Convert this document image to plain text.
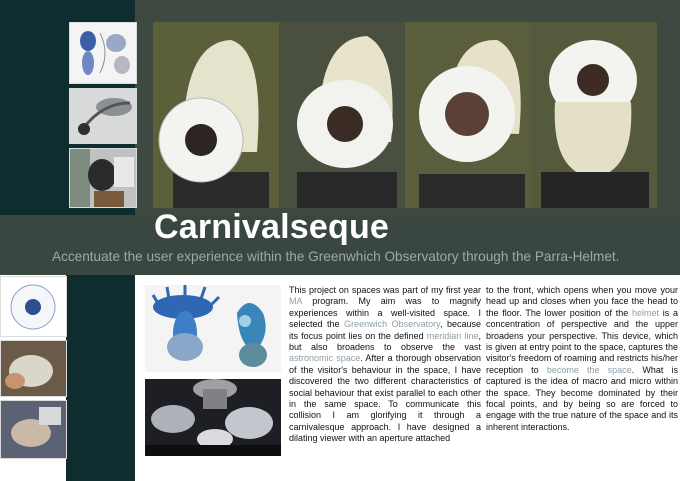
Carnivalseque

Accentuate the user experience within the Greenwhich Observatory through the Parra-Helmet.

This project on spaces was part of my first year MA program. My aim was to magnify experiences within a well-visited space. I selected the Greenwich Observatory, because its focus point lies on the defined meridian line, but also broadens to observe the vast astronomic space. After a thorough observation of the visitor's behaviour in the space, I have discovered the two different characteristics of social behaviour that exist parallel to each other in the same space. To communicate this collision I am glorifying it through a carnivalesque approach. I have designed a dilating viewer with an aperture attached

to the front, which opens when you move your head up and closes when you face the head to the floor. The lower position of the helmet is a concentration of perspective and the upper broadens your perspective. This device, which is given at entry point to the space, captures the visitor's freedom of roaming and restricts his/her reception to become the space. What is captured is the idea of macro and micro within the space. They become dominated by their focal points, and by being so are forced to engage with the true nature of the space and its inherent interactions.
